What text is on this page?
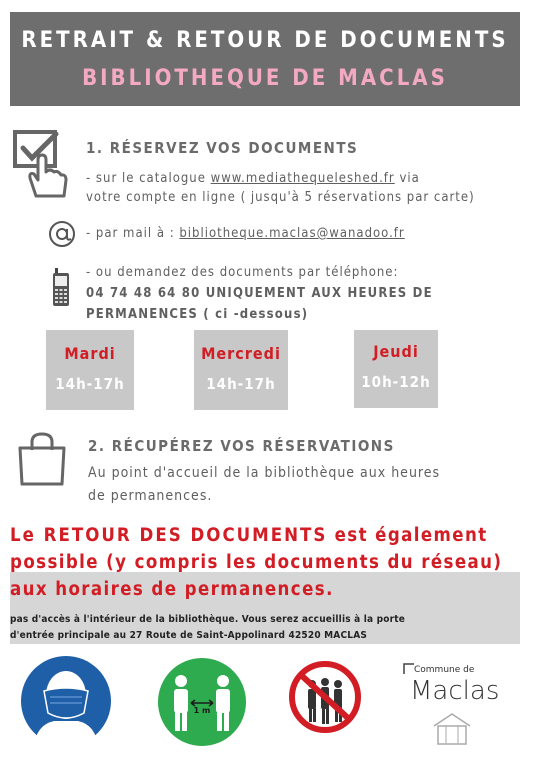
RETRAIT & RETOUR DE DOCUMENTS
BIBLIOTHEQUE DE MACLAS
1. RÉSERVEZ VOS DOCUMENTS
- sur le catalogue www.mediathequeleshed.fr via
votre compte en ligne ( jusqu'à 5 réservations par carte)
- par mail à : bibliotheque.maclas@wanadoo.fr
- ou demandez des documents par téléphone:
04 74 48 64 80 UNIQUEMENT AUX HEURES DE
PERMANENCES ( ci -dessous)
Mardi
14h-17h
Mercredi
14h-17h
Jeudi
10h-12h
2. RÉCUPÉREZ VOS RÉSERVATIONS
Au point d'accueil de la bibliothèque aux heures
de permanences.
Le RETOUR DES DOCUMENTS est également
possible (y compris les documents du réseau)
aux horaires de permanences.
pas d'accès à l'intérieur de la bibliothèque. Vous serez accueillis à la porte
d'entrée principale au 27 Route de Saint-Appolinard 42520 MACLAS
1 m
Commune de
Maclas
